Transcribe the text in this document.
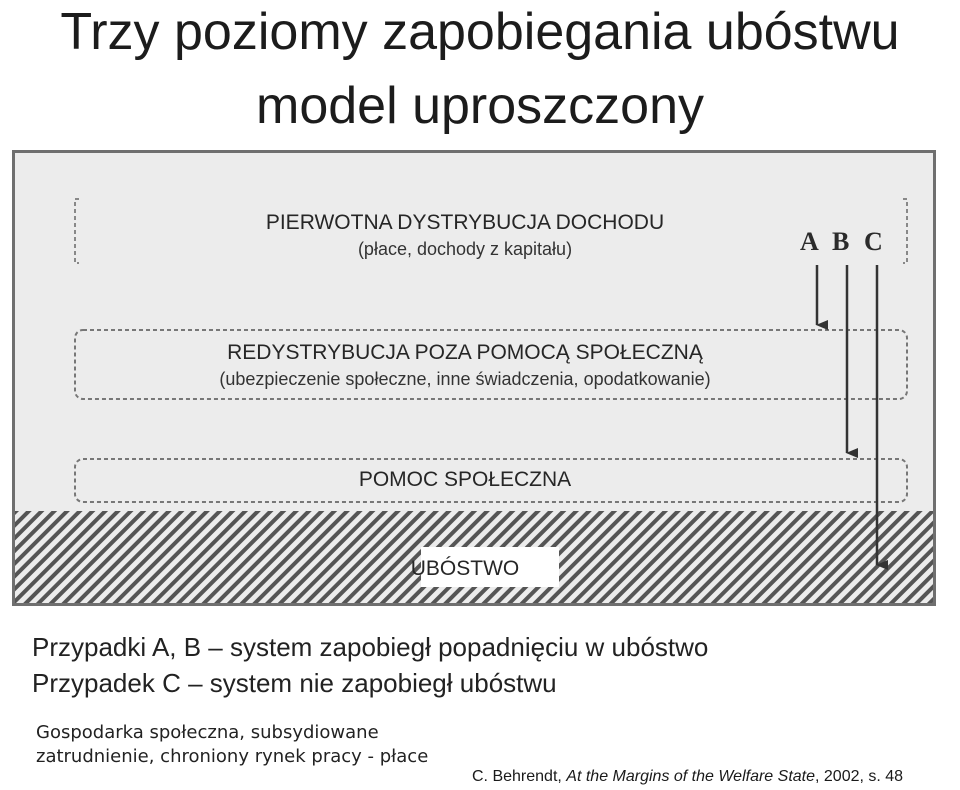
Trzy poziomy zapobiegania ubóstwu
model uproszczony
PIERWOTNA DYSTRYBUCJA DOCHODU
(płace, dochody z kapitału)
REDYSTRYBUCJA POZA POMOCĄ SPOŁECZNĄ
(ubezpieczenie społeczne, inne świadczenia, opodatkowanie)
POMOC SPOŁECZNA
UBÓSTWO
A B C
Przypadki A, B – system zapobiegł popadnięciu w ubóstwo
Przypadek C – system nie zapobiegł ubóstwu
Gospodarka społeczna, subsydiowane
zatrudnienie, chroniony rynek pracy - płace
C. Behrendt, At the Margins of the Welfare State, 2002, s. 48
